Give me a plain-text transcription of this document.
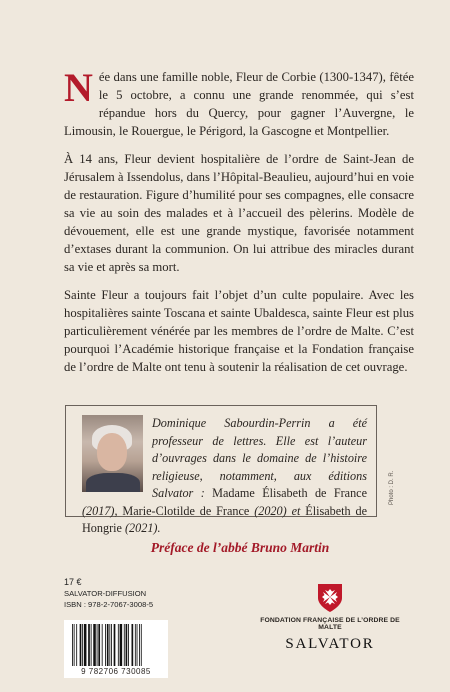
Née dans une famille noble, Fleur de Corbie (1300-1347), fêtée le 5 octobre, a connu une grande renommée, qui s’est répandue hors du Quercy, pour gagner l’Auvergne, le Limousin, le Rouergue, le Périgord, la Gascogne et Montpellier.

À 14 ans, Fleur devient hospitalière de l’ordre de Saint-Jean de Jérusalem à Issendolus, dans l’Hôpital-Beaulieu, aujourd’hui en voie de restauration. Figure d’humilité pour ses compagnes, elle consacre sa vie au soin des malades et à l’accueil des pèlerins. Modèle de dévouement, elle est une grande mystique, favorisée notamment d’extases durant la communion. On lui attribue des miracles durant sa vie et après sa mort.

Sainte Fleur a toujours fait l’objet d’un culte populaire. Avec les hospitalières sainte Toscana et sainte Ubaldesca, sainte Fleur est plus particulièrement vénérée par les membres de l’ordre de Malte. C’est pourquoi l’Académie historique française et la Fondation française de l’ordre de Malte ont tenu à soutenir la réalisation de cet ouvrage.

Dominique Sabourdin-Perrin a été professeur de lettres. Elle est l’auteur d’ouvrages dans le domaine de l’histoire religieuse, notamment, aux éditions Salvator : Madame Élisabeth de France (2017), Marie-Clotilde de France (2020) et Élisabeth de Hongrie (2021).
Photo : D. R.
Préface de l’abbé Bruno Martin
17 €
SALVATOR-DIFFUSION
ISBN : 978-2-7067-3008-5
9 782706 730085
FONDATION FRANÇAISE DE L’ORDRE DE MALTE
SALVATOR
